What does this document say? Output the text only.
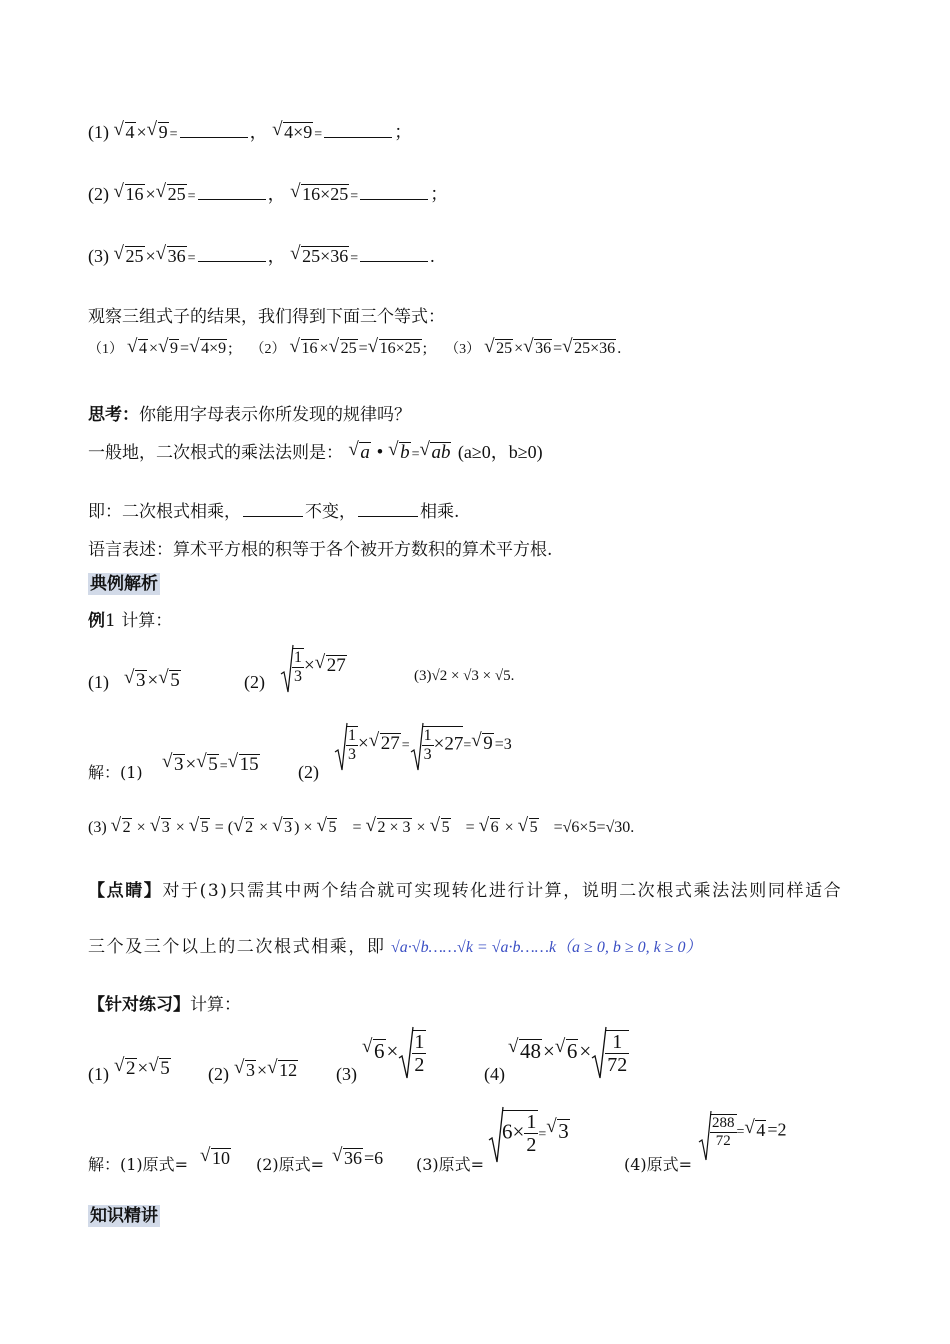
(1) √ 4 ×√ 9 =	， √ 4×9 =	；
(2) √ 16 ×√ 25 =	， √ 16×25 =	；
(3) √ 25 ×√ 36 =	， √ 25×36 =	.
观察三组式子的结果，我们得到下面三个等式：
（1） √ 4 ×√ 9 =√ 4×9 ; （2） √ 16 ×√ 25 =√ 16×25 ; （3） √ 25 ×√ 36 =√ 25×36 .
思考：你能用字母表示你所发现的规律吗？
一般地，二次根式的乘法法则是： √ a • √ b =√ ab (a≥0，b≥0)
即：二次根式相乘，	不变，	相乘.
语言表述：算术平方根的积等于各个被开方数积的算术平方根.
典例解析
例1 计算：
(1)
√	3 ×√ 5	$(2) \frac{1}{3}$ ×√ 27
(3)√2 × √3 × √5.
解：(1)
√	3 ×√ 5 =√ 15 (2)
$\frac{1}{3}$ ×√ $27 = \frac{1}{3} \times 27=√$ 9 =3
(3) √ 2 × √ 3 × √ 5 = (√ 2 × √ 3 ) × √ 5 = √ 2 × 3 × √ 5 = √ 6 × √ 5 =√6×5=√30.
【点睛】对于(3)只需其中两个结合就可实现转化进行计算，说明二次根式乘法法则同样适合
三个及三个以上的二次根式相乘，即 √a·√b……√k = √a·b……k（a ≥ 0, b ≥ 0, k ≥ 0）
【针对练习】计算：
(1)
√ 2 ×√ 5 (2)
√ 3 ×√ 12 (3)
√ $6\times \frac{1}{2}$	(4)
√ 48×√ $6\times \frac{1}{72}$
解：(1)原式=
√	10 (2)原式=
√	36 =6 (3)原式=
$6\times \frac{1}{2}$ =√ 3
(4)原式=
$\frac{288}{72}$ =√ 4 =2
知识精讲
